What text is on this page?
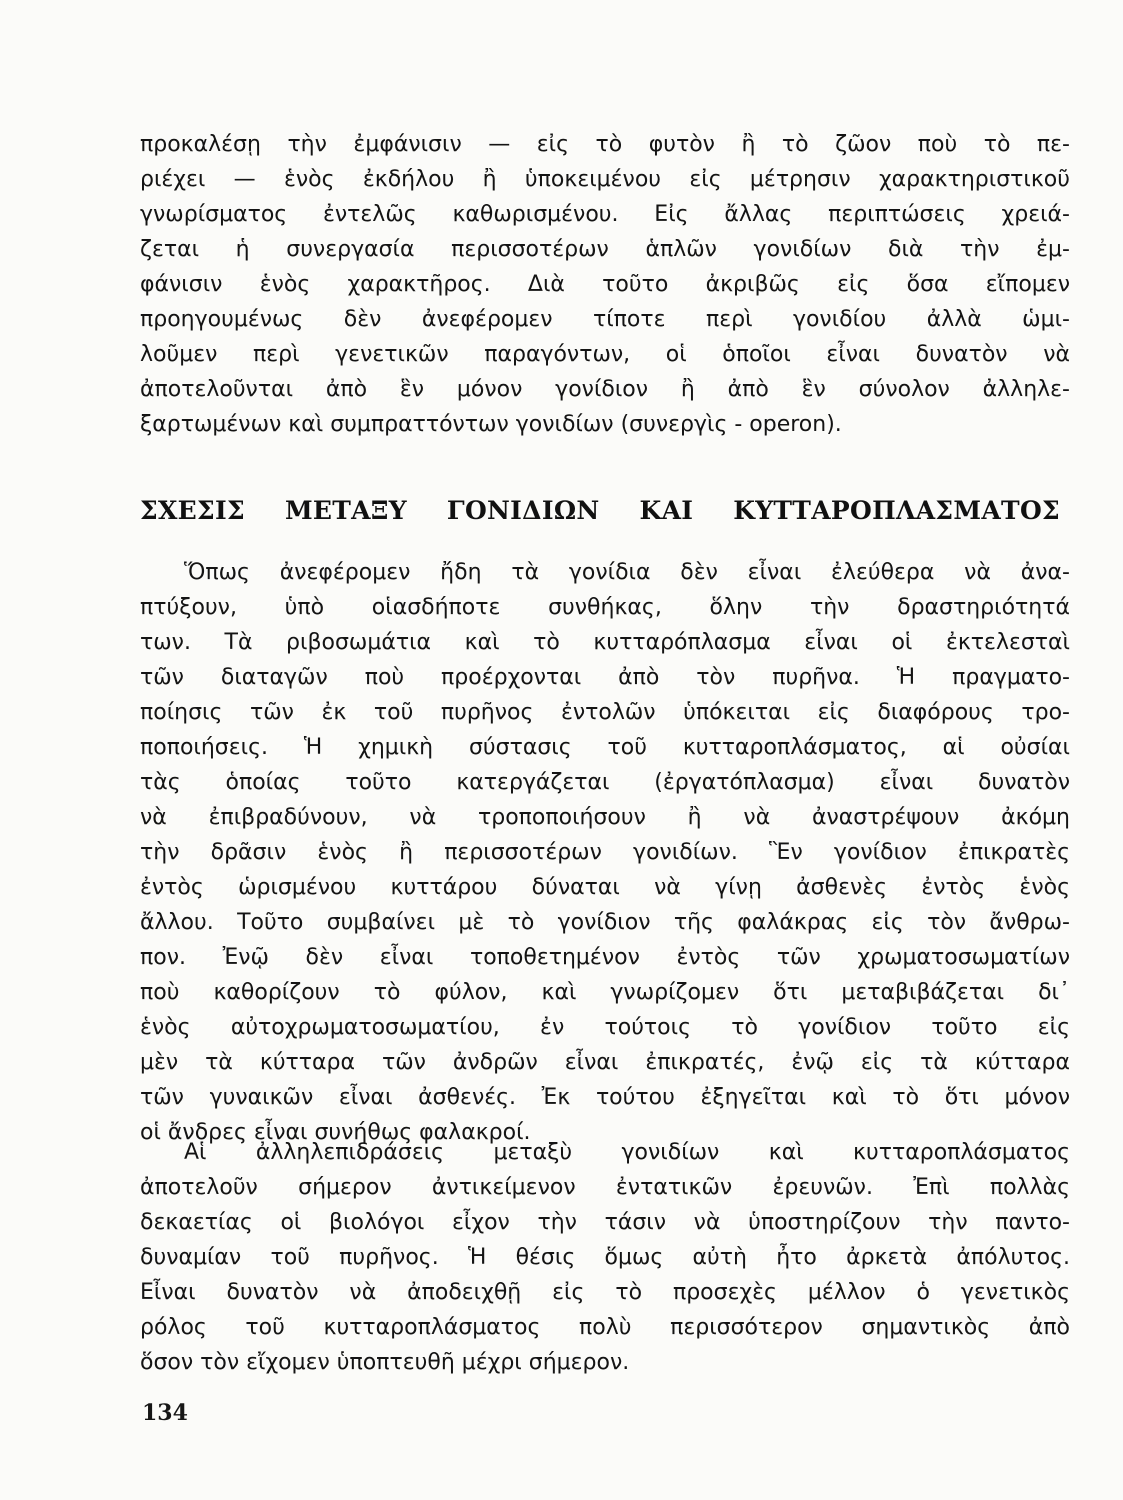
προκαλέσῃ τὴν ἐμφάνισιν — εἰς τὸ φυτὸν ἢ τὸ ζῶον ποὺ τὸ πε-
ριέχει — ἑνὸς ἐκδήλου ἢ ὑποκειμένου εἰς μέτρησιν χαρακτηριστικοῦ
γνωρίσματος ἐντελῶς καθωρισμένου. Εἰς ἄλλας περιπτώσεις χρειά-
ζεται ἡ συνεργασία περισσοτέρων ἁπλῶν γονιδίων διὰ τὴν ἐμ-
φάνισιν ἑνὸς χαρακτῆρος. Διὰ τοῦτο ἀκριβῶς εἰς ὅσα εἴπομεν
προηγουμένως δὲν ἀνεφέρομεν τίποτε περὶ γονιδίου ἀλλὰ ὡμι-
λοῦμεν περὶ γενετικῶν παραγόντων, οἱ ὁποῖοι εἶναι δυνατὸν νὰ
ἀποτελοῦνται ἀπὸ ἓν μόνον γονίδιον ἢ ἀπὸ ἓν σύνολον ἀλληλε-
ξαρτωμένων καὶ συμπραττόντων γονιδίων (συνεργὶς - operon).
ΣΧΕΣΙΣ ΜΕΤΑΞΥ ΓΟΝΙΔΙΩΝ ΚΑΙ ΚΥΤΤΑΡΟΠΛΑΣΜΑΤΟΣ
Ὅπως ἀνεφέρομεν ἤδη τὰ γονίδια δὲν εἶναι ἐλεύθερα νὰ ἀνα-
πτύξουν, ὑπὸ οἱασδήποτε συνθήκας, ὅλην τὴν δραστηριότητά
των. Τὰ ριβοσωμάτια καὶ τὸ κυτταρόπλασμα εἶναι οἱ ἐκτελεσταὶ
τῶν διαταγῶν ποὺ προέρχονται ἀπὸ τὸν πυρῆνα. Ἡ πραγματο-
ποίησις τῶν ἐκ τοῦ πυρῆνος ἐντολῶν ὑπόκειται εἰς διαφόρους τρο-
ποποιήσεις. Ἡ χημικὴ σύστασις τοῦ κυτταροπλάσματος, αἱ οὐσίαι
τὰς ὁποίας τοῦτο κατεργάζεται (ἐργατόπλασμα) εἶναι δυνατὸν
νὰ ἐπιβραδύνουν, νὰ τροποποιήσουν ἢ νὰ ἀναστρέψουν ἀκόμη
τὴν δρᾶσιν ἑνὸς ἢ περισσοτέρων γονιδίων. Ἓν γονίδιον ἐπικρατὲς
ἐντὸς ὡρισμένου κυττάρου δύναται νὰ γίνῃ ἀσθενὲς ἐντὸς ἑνὸς
ἄλλου. Τοῦτο συμβαίνει μὲ τὸ γονίδιον τῆς φαλάκρας εἰς τὸν ἄνθρω-
πον. Ἐνῷ δὲν εἶναι τοποθετημένον ἐντὸς τῶν χρωματοσωματίων
ποὺ καθορίζουν τὸ φύλον, καὶ γνωρίζομεν ὅτι μεταβιβάζεται δι᾽
ἑνὸς αὐτοχρωματοσωματίου, ἐν τούτοις τὸ γονίδιον τοῦτο εἰς
μὲν τὰ κύτταρα τῶν ἀνδρῶν εἶναι ἐπικρατές, ἐνῷ εἰς τὰ κύτταρα
τῶν γυναικῶν εἶναι ἀσθενές. Ἐκ τούτου ἐξηγεῖται καὶ τὸ ὅτι μόνον
οἱ ἄνδρες εἶναι συνήθως φαλακροί.
Αἱ ἀλληλεπιδράσεις μεταξὺ γονιδίων καὶ κυτταροπλάσματος
ἀποτελοῦν σήμερον ἀντικείμενον ἐντατικῶν ἐρευνῶν. Ἐπὶ πολλὰς
δεκαετίας οἱ βιολόγοι εἶχον τὴν τάσιν νὰ ὑποστηρίζουν τὴν παντο-
δυναμίαν τοῦ πυρῆνος. Ἡ θέσις ὅμως αὐτὴ ἦτο ἀρκετὰ ἀπόλυτος.
Εἶναι δυνατὸν νὰ ἀποδειχθῇ εἰς τὸ προσεχὲς μέλλον ὁ γενετικὸς
ρόλος τοῦ κυτταροπλάσματος πολὺ περισσότερον σημαντικὸς ἀπὸ
ὅσον τὸν εἴχομεν ὑποπτευθῆ μέχρι σήμερον.
134
